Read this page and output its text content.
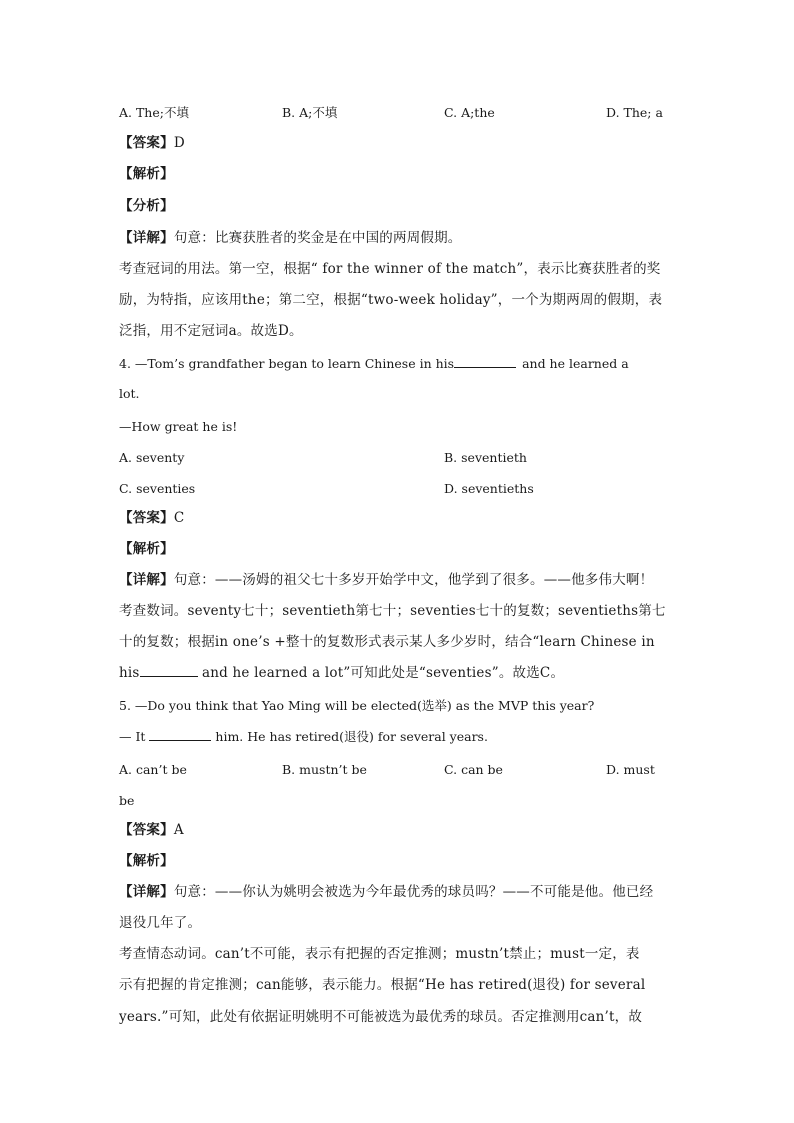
A. The;不填	B. A;不填	C. A;the	D. The; a
【答案】D
【解析】
【分析】
【详解】句意：比赛获胜者的奖金是在中国的两周假期。
考查冠词的用法。第一空，根据“ for the winner of the match”，表示比赛获胜者的奖
励，为特指，应该用the；第二空，根据“two-week holiday”，一个为期两周的假期，表
泛指，用不定冠词a。故选D。
4. —Tom’s grandfather began to learn Chinese in his	and he learned a
lot.
—How great he is!
A. seventy	B. seventieth
C. seventies	D. seventieths
【答案】C
【解析】
【详解】句意：——汤姆的祖父七十多岁开始学中文，他学到了很多。——他多伟大啊！
考查数词。seventy七十；seventieth第七十；seventies七十的复数；seventieths第七
十的复数；根据in one’s +整十的复数形式表示某人多少岁时，结合“learn Chinese in
his	and he learned a lot”可知此处是“seventies”。故选C。
5. —Do you think that Yao Ming will be elected(选举) as the MVP this year?
— It	him. He has retired(退役) for several years.
A. can’t be	B. mustn’t be	C. can be	D. must
be
【答案】A
【解析】
【详解】句意：——你认为姚明会被选为今年最优秀的球员吗？——不可能是他。他已经
退役几年了。
考查情态动词。can’t不可能，表示有把握的否定推测；mustn’t禁止；must一定，表
示有把握的肯定推测；can能够，表示能力。根据“He has retired(退役) for several
years.”可知，此处有依据证明姚明不可能被选为最优秀的球员。否定推测用can’t，故
